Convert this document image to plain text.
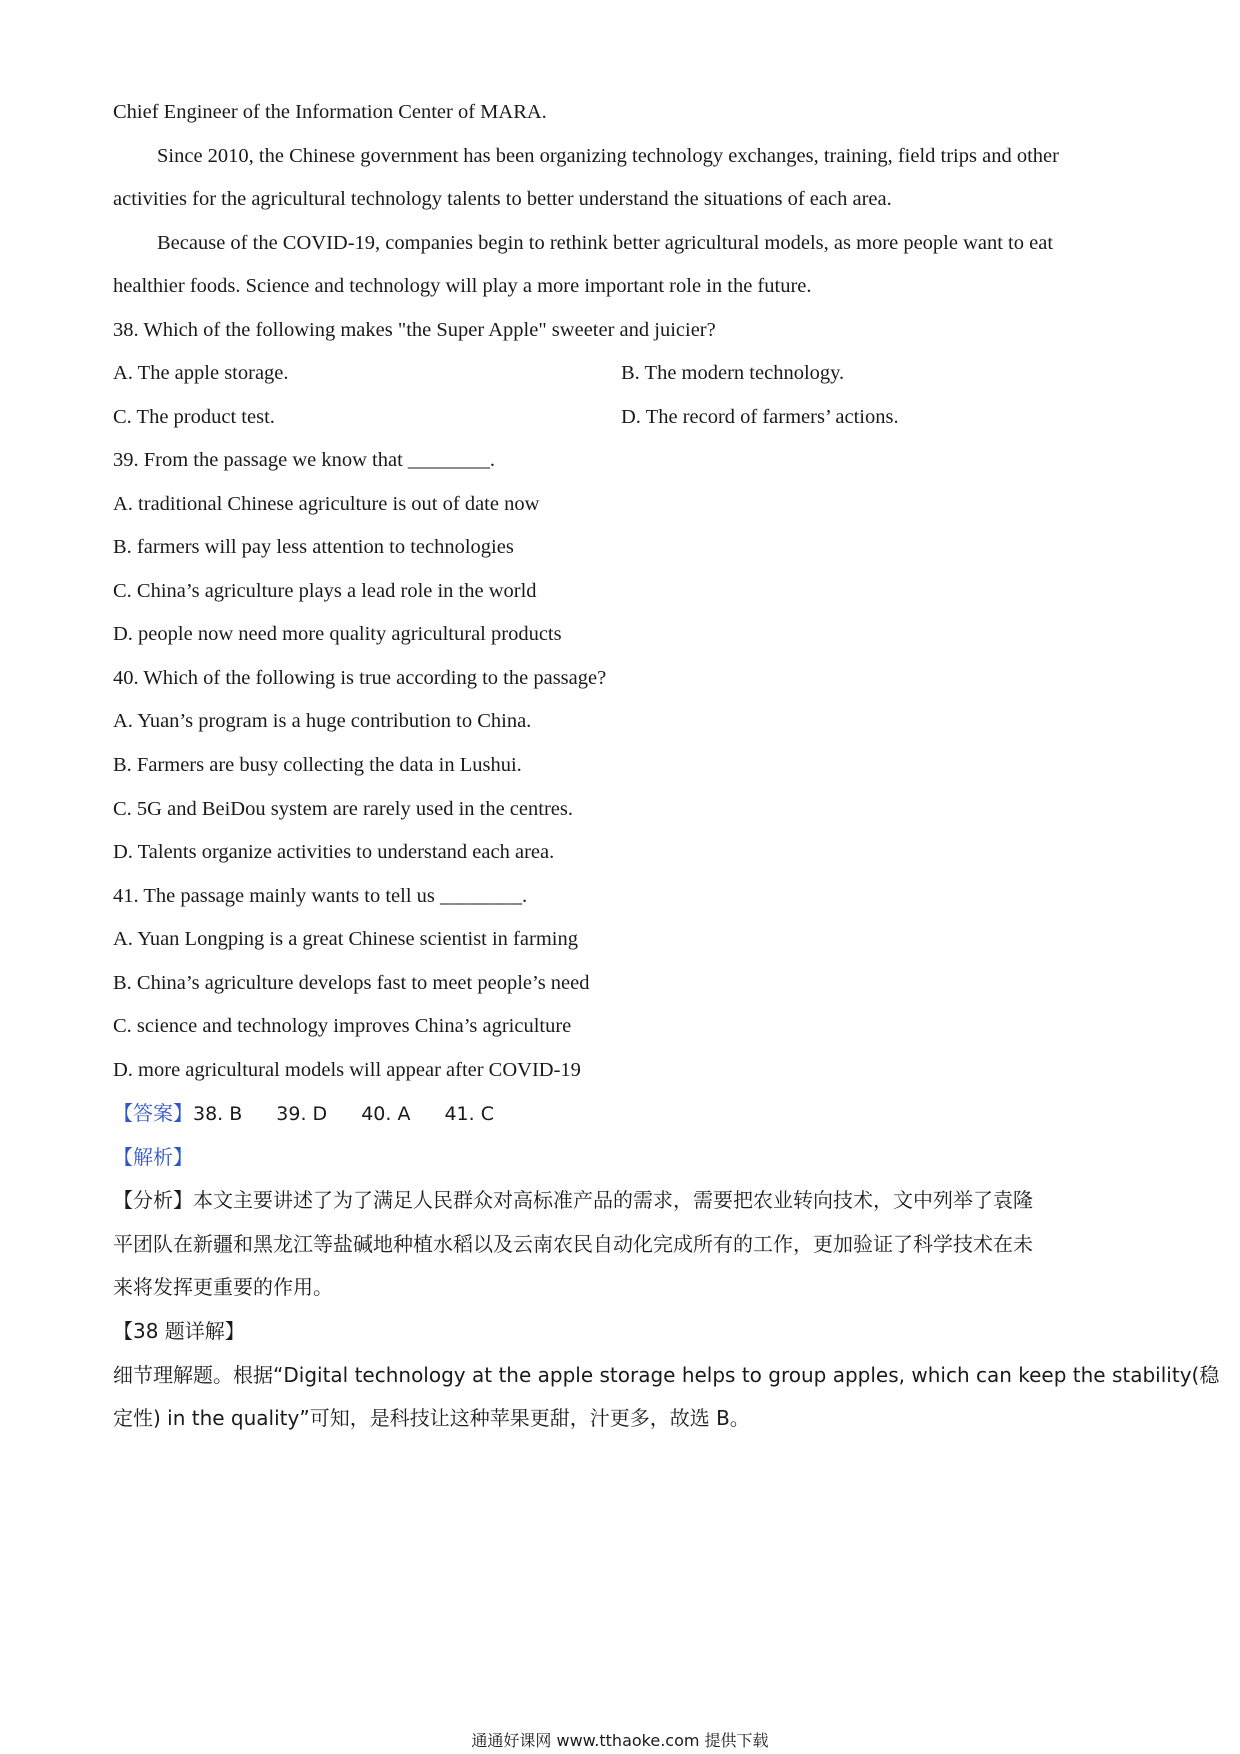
Chief Engineer of the Information Center of MARA.
Since 2010, the Chinese government has been organizing technology exchanges, training, field trips and other
activities for the agricultural technology talents to better understand the situations of each area.
Because of the COVID-19, companies begin to rethink better agricultural models, as more people want to eat
healthier foods. Science and technology will play a more important role in the future.
38. Which of the following makes "the Super Apple" sweeter and juicier?
A. The apple storage.	B. The modern technology.
C. The product test.	D. The record of farmers’ actions.
39. From the passage we know that ________.
A. traditional Chinese agriculture is out of date now
B. farmers will pay less attention to technologies
C. China’s agriculture plays a lead role in the world
D. people now need more quality agricultural products
40. Which of the following is true according to the passage?
A. Yuan’s program is a huge contribution to China.
B. Farmers are busy collecting the data in Lushui.
C. 5G and BeiDou system are rarely used in the centres.
D. Talents organize activities to understand each area.
41. The passage mainly wants to tell us ________.
A. Yuan Longping is a great Chinese scientist in farming
B. China’s agriculture develops fast to meet people’s need
C. science and technology improves China’s agriculture
D. more agricultural models will appear after COVID-19
【答案】38. B 39. D 40. A 41. C
【解析】
【分析】本文主要讲述了为了满足人民群众对高标准产品的需求，需要把农业转向技术，文中列举了袁隆
平团队在新疆和黑龙江等盐碱地种植水稻以及云南农民自动化完成所有的工作，更加验证了科学技术在未
来将发挥更重要的作用。
【38 题详解】
细节理解题。根据“Digital technology at the apple storage helps to group apples, which can keep the stability(稳
定性) in the quality”可知，是科技让这种苹果更甜，汁更多，故选 B。
通通好课网 www.tthaoke.com 提供下载
